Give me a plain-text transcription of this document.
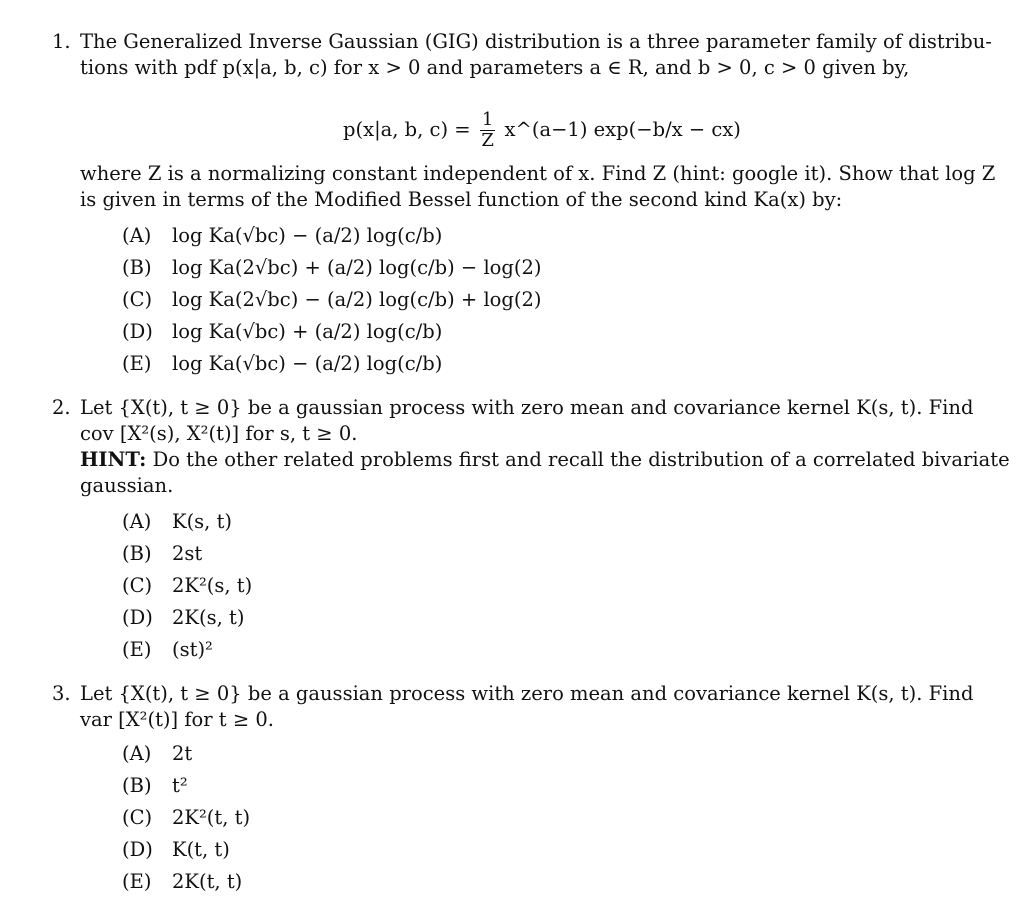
1. The Generalized Inverse Gaussian (GIG) distribution is a three parameter family of distribu-
tions with pdf p(x|a, b, c) for x > 0 and parameters a ∈ R, and b > 0, c > 0 given by,
p(x|a, b, $c) = \frac{1}{Z}$ x^(a−1) exp(−b/x − cx)
where Z is a normalizing constant independent of x. Find Z (hint: google it). Show that log Z
is given in terms of the Modified Bessel function of the second kind Ka(x) by:
(A) log Ka(√bc) − (a/2) log(c/b)
(B) log Ka(2√bc) + (a/2) log(c/b) − log(2)
(C) log Ka(2√bc) − (a/2) log(c/b) + log(2)
(D) log Ka(√bc) + (a/2) log(c/b)
(E) log Ka(√bc) − (a/2) log(c/b)
2. Let {X(t), t ≥ 0} be a gaussian process with zero mean and covariance kernel K(s, t). Find
cov [X²(s), X²(t)] for s, t ≥ 0.
HINT: Do the other related problems first and recall the distribution of a correlated bivariate
gaussian.
(A) K(s, t)
(B) 2st
(C) 2K²(s, t)
(D) 2K(s, t)
(E) (st)²
3. Let {X(t), t ≥ 0} be a gaussian process with zero mean and covariance kernel K(s, t). Find
var [X²(t)] for t ≥ 0.
(A) 2t
(B) t²
(C) 2K²(t, t)
(D) K(t, t)
(E) 2K(t, t)
